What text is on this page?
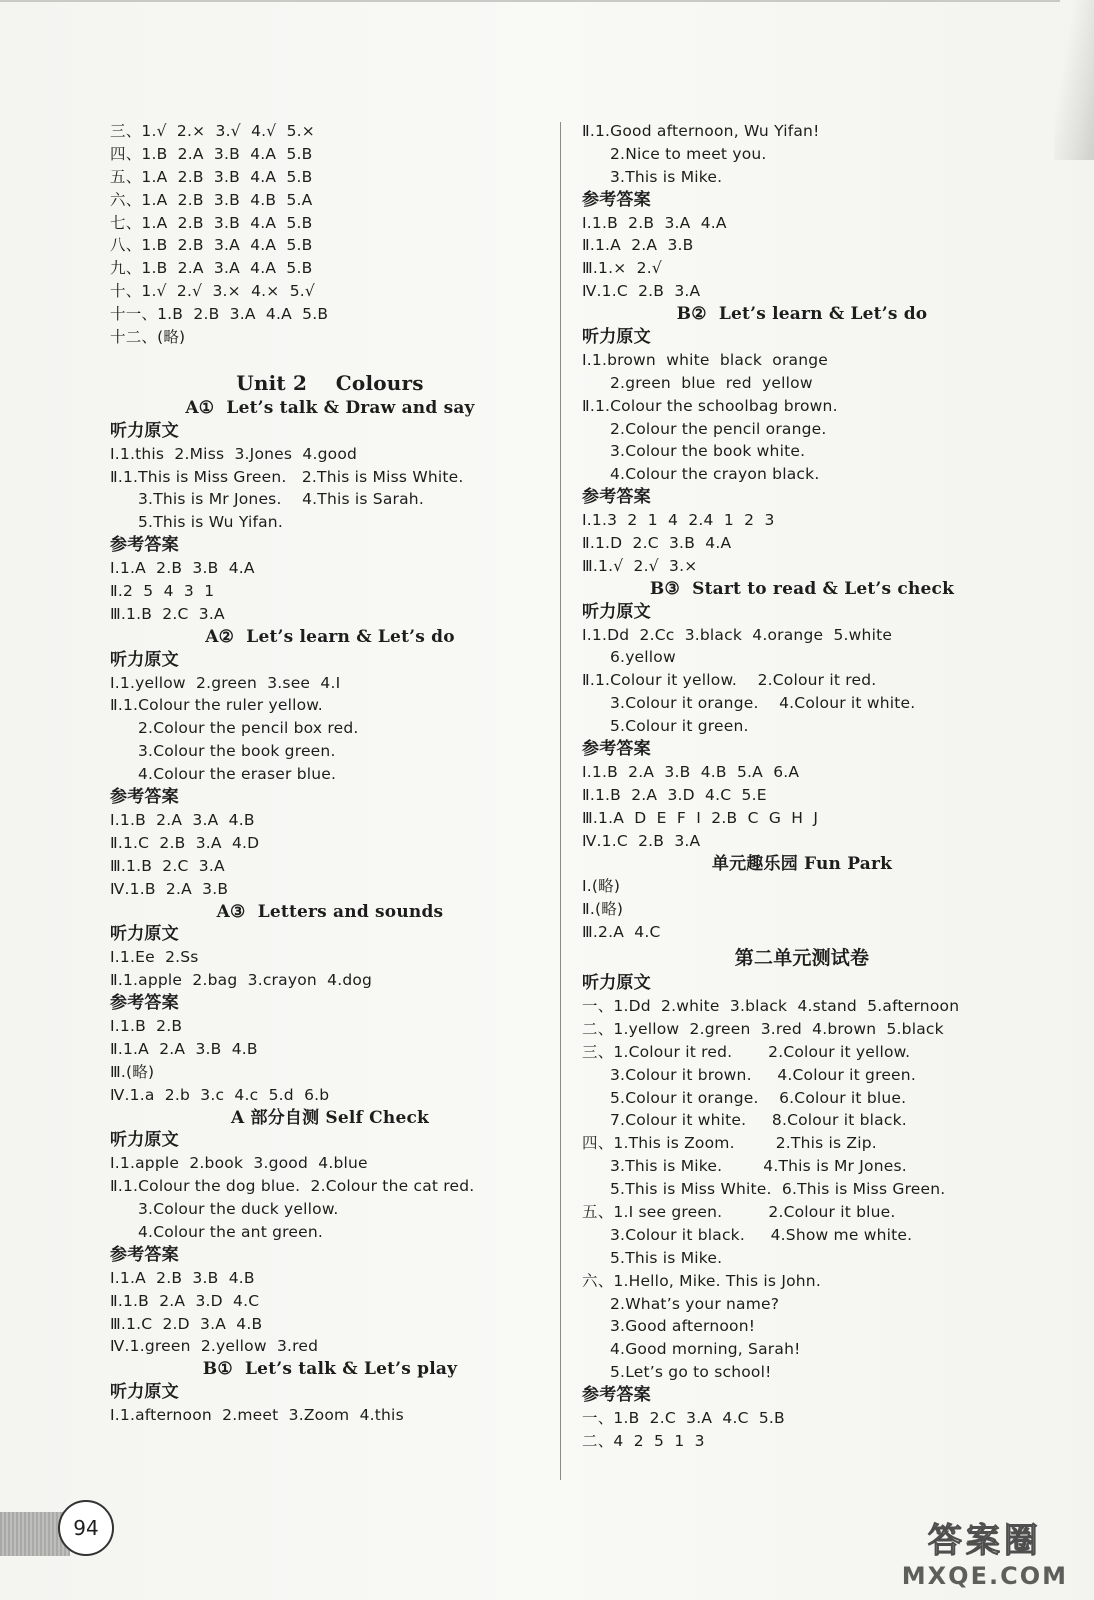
三、1.√  2.×  3.√  4.√  5.×
四、1.B  2.A  3.B  4.A  5.B
五、1.A  2.B  3.B  4.A  5.B
六、1.A  2.B  3.B  4.B  5.A
七、1.A  2.B  3.B  4.A  5.B
八、1.B  2.B  3.A  4.A  5.B
九、1.B  2.A  3.A  4.A  5.B
十、1.√  2.√  3.×  4.×  5.√
十一、1.B  2.B  3.A  4.A  5.B
十二、(略)
Unit 2    Colours
A①  Let’s talk & Draw and say
听力原文
Ⅰ.1.this  2.Miss  3.Jones  4.good
Ⅱ.1.This is Miss Green.   2.This is Miss White.
3.This is Mr Jones.    4.This is Sarah.
5.This is Wu Yifan.
参考答案
Ⅰ.1.A  2.B  3.B  4.A
Ⅱ.2  5  4  3  1
Ⅲ.1.B  2.C  3.A
A②  Let’s learn & Let’s do
听力原文
Ⅰ.1.yellow  2.green  3.see  4.I
Ⅱ.1.Colour the ruler yellow.
2.Colour the pencil box red.
3.Colour the book green.
4.Colour the eraser blue.
参考答案
Ⅰ.1.B  2.A  3.A  4.B
Ⅱ.1.C  2.B  3.A  4.D
Ⅲ.1.B  2.C  3.A
Ⅳ.1.B  2.A  3.B
A③  Letters and sounds
听力原文
Ⅰ.1.Ee  2.Ss
Ⅱ.1.apple  2.bag  3.crayon  4.dog
参考答案
Ⅰ.1.B  2.B
Ⅱ.1.A  2.A  3.B  4.B
Ⅲ.(略)
Ⅳ.1.a  2.b  3.c  4.c  5.d  6.b
A 部分自测 Self Check
听力原文
Ⅰ.1.apple  2.book  3.good  4.blue
Ⅱ.1.Colour the dog blue.  2.Colour the cat red.
3.Colour the duck yellow.
4.Colour the ant green.
参考答案
Ⅰ.1.A  2.B  3.B  4.B
Ⅱ.1.B  2.A  3.D  4.C
Ⅲ.1.C  2.D  3.A  4.B
Ⅳ.1.green  2.yellow  3.red
B①  Let’s talk & Let’s play
听力原文
Ⅰ.1.afternoon  2.meet  3.Zoom  4.this
Ⅱ.1.Good afternoon, Wu Yifan!
2.Nice to meet you.
3.This is Mike.
参考答案
Ⅰ.1.B  2.B  3.A  4.A
Ⅱ.1.A  2.A  3.B
Ⅲ.1.×  2.√
Ⅳ.1.C  2.B  3.A
B②  Let’s learn & Let’s do
听力原文
Ⅰ.1.brown  white  black  orange
2.green  blue  red  yellow
Ⅱ.1.Colour the schoolbag brown.
2.Colour the pencil orange.
3.Colour the book white.
4.Colour the crayon black.
参考答案
Ⅰ.1.3  2  1  4  2.4  1  2  3
Ⅱ.1.D  2.C  3.B  4.A
Ⅲ.1.√  2.√  3.×
B③  Start to read & Let’s check
听力原文
Ⅰ.1.Dd  2.Cc  3.black  4.orange  5.white
6.yellow
Ⅱ.1.Colour it yellow.    2.Colour it red.
3.Colour it orange.    4.Colour it white.
5.Colour it green.
参考答案
Ⅰ.1.B  2.A  3.B  4.B  5.A  6.A
Ⅱ.1.B  2.A  3.D  4.C  5.E
Ⅲ.1.A  D  E  F  I  2.B  C  G  H  J
Ⅳ.1.C  2.B  3.A
单元趣乐园 Fun Park
Ⅰ.(略)
Ⅱ.(略)
Ⅲ.2.A  4.C
第二单元测试卷
听力原文
一、1.Dd  2.white  3.black  4.stand  5.afternoon
二、1.yellow  2.green  3.red  4.brown  5.black
三、1.Colour it red.       2.Colour it yellow.
3.Colour it brown.     4.Colour it green.
5.Colour it orange.    6.Colour it blue.
7.Colour it white.     8.Colour it black.
四、1.This is Zoom.        2.This is Zip.
3.This is Mike.        4.This is Mr Jones.
5.This is Miss White.  6.This is Miss Green.
五、1.I see green.         2.Colour it blue.
3.Colour it black.     4.Show me white.
5.This is Mike.
六、1.Hello, Mike. This is John.
2.What’s your name?
3.Good afternoon!
4.Good morning, Sarah!
5.Let’s go to school!
参考答案
一、1.B  2.C  3.A  4.C  5.B
二、4  2  5  1  3
94	答案圈
MXQE.COM
